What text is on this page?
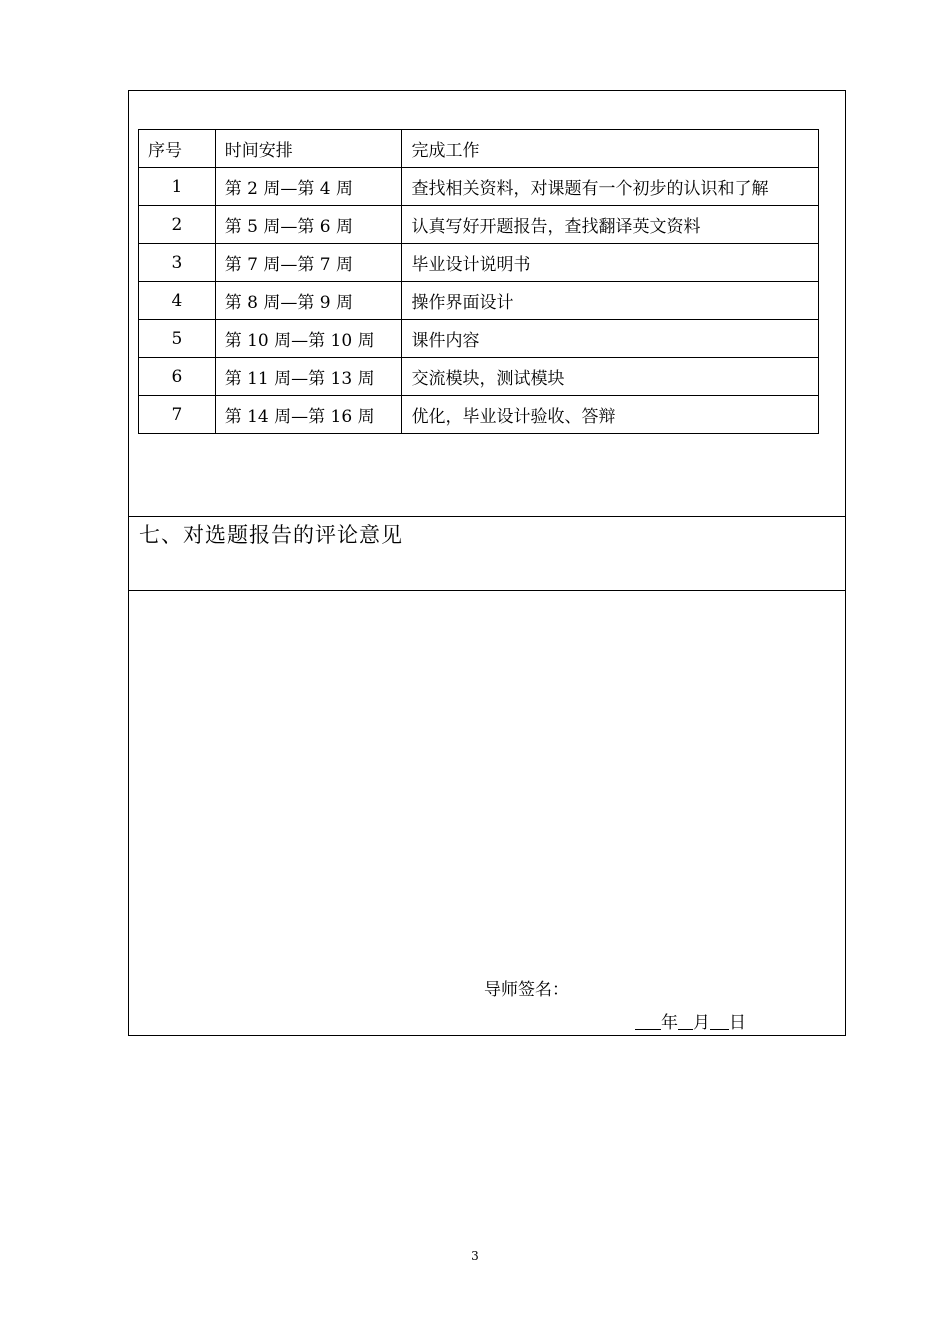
序号	时间安排	完成工作
1	第 2 周—第 4 周	查找相关资料，对课题有一个初步的认识和了解
2	第 5 周—第 6 周	认真写好开题报告，查找翻译英文资料
3	第 7 周—第 7 周	毕业设计说明书
4	第 8 周—第 9 周	操作界面设计
5	第 10 周—第 10 周	课件内容
6	第 11 周—第 13 周	交流模块，测试模块
7	第 14 周—第 16 周	优化，毕业设计验收、答辩
七、对选题报告的评论意见
导师签名：
年 月 日
3
